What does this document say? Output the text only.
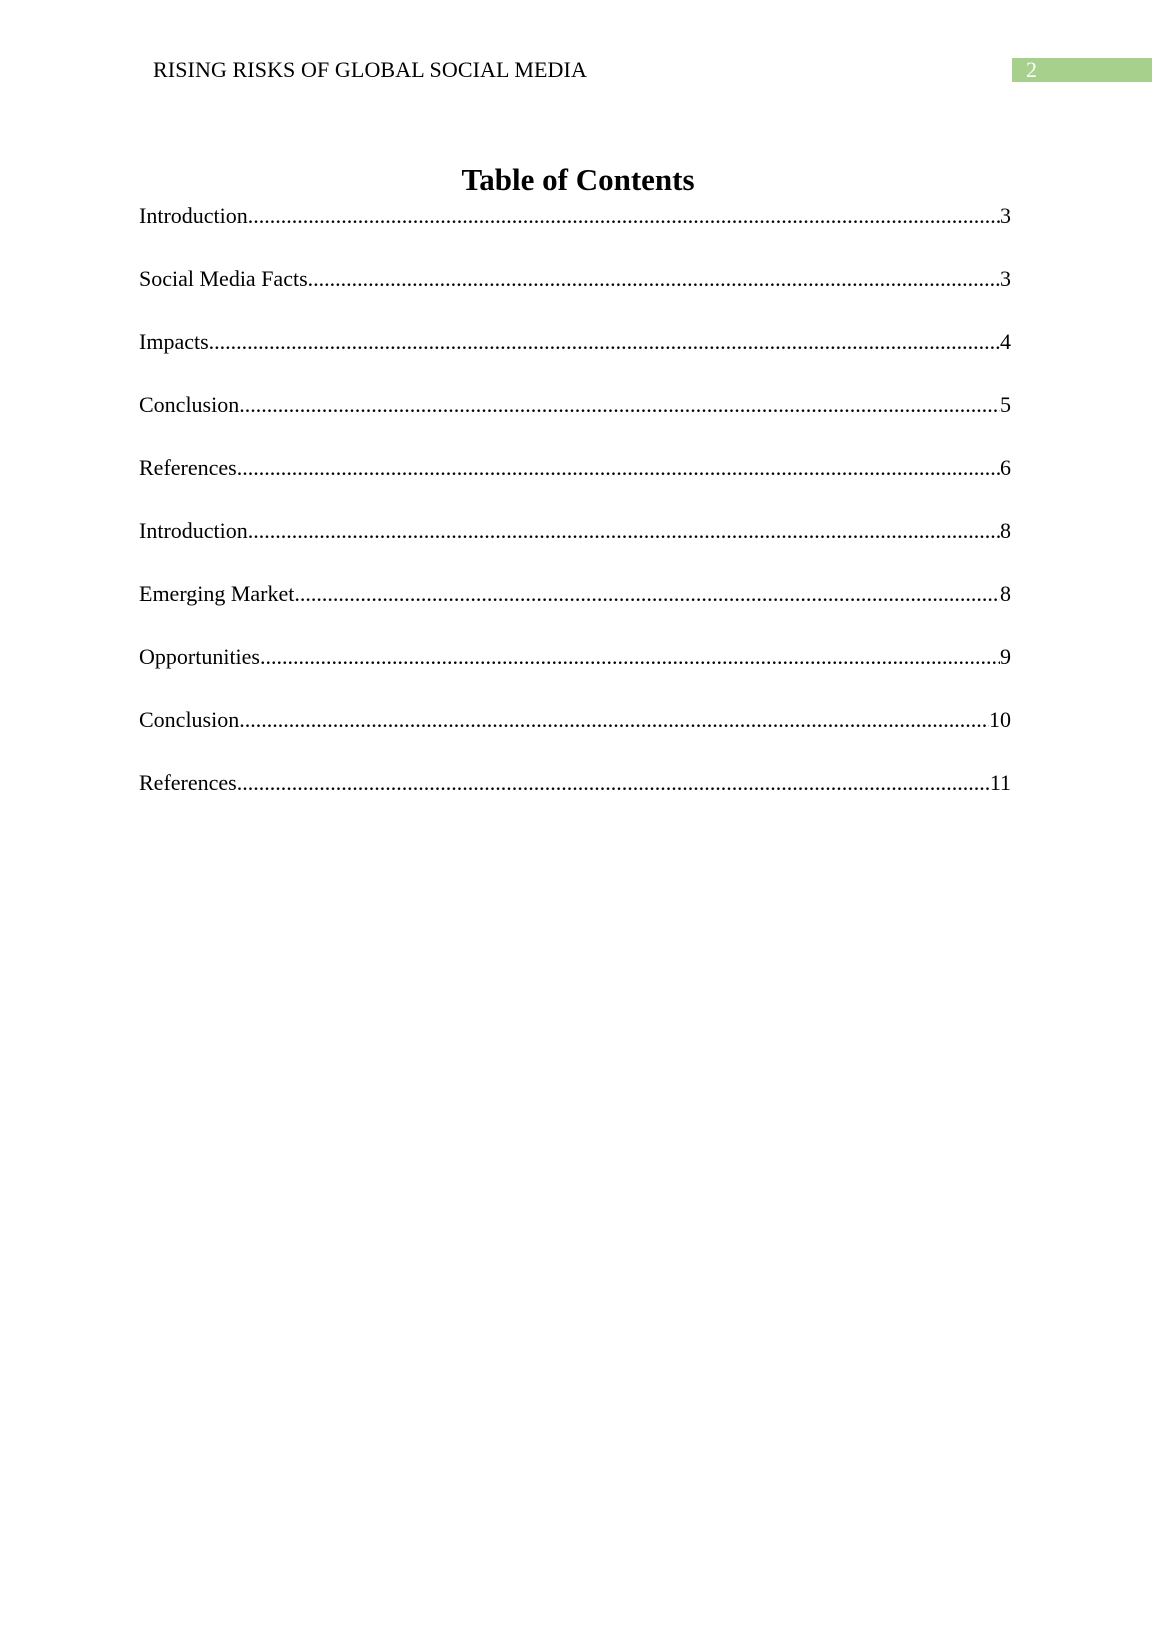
RISING RISKS OF GLOBAL SOCIAL MEDIA	2
Table of Contents
Introduction .....	3
Social Media Facts .....	3
Impacts .....	4
Conclusion .....	5
References .....	6
Introduction .....	8
Emerging Market .....	8
Opportunities .....	9
Conclusion .....	10
References .....	11
